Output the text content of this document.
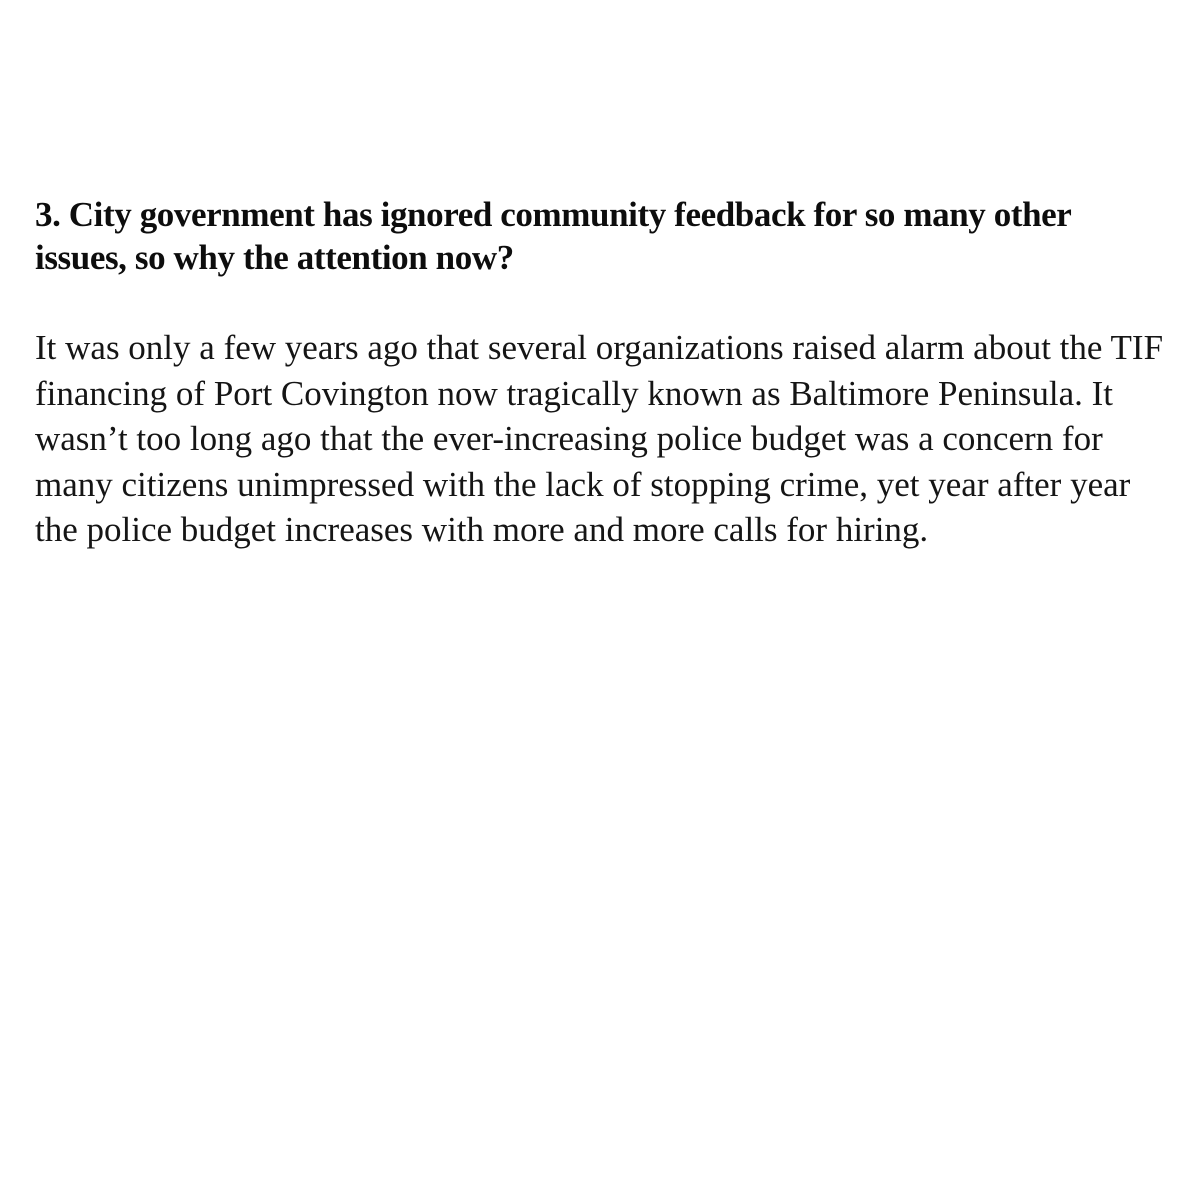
3. City government has ignored community feedback for so many other issues, so why the attention now?

It was only a few years ago that several organizations raised alarm about the TIF financing of Port Covington now tragically known as Baltimore Peninsula. It wasn’t too long ago that the ever-increasing police budget was a concern for many citizens unimpressed with the lack of stopping crime, yet year after year the police budget increases with more and more calls for hiring.
